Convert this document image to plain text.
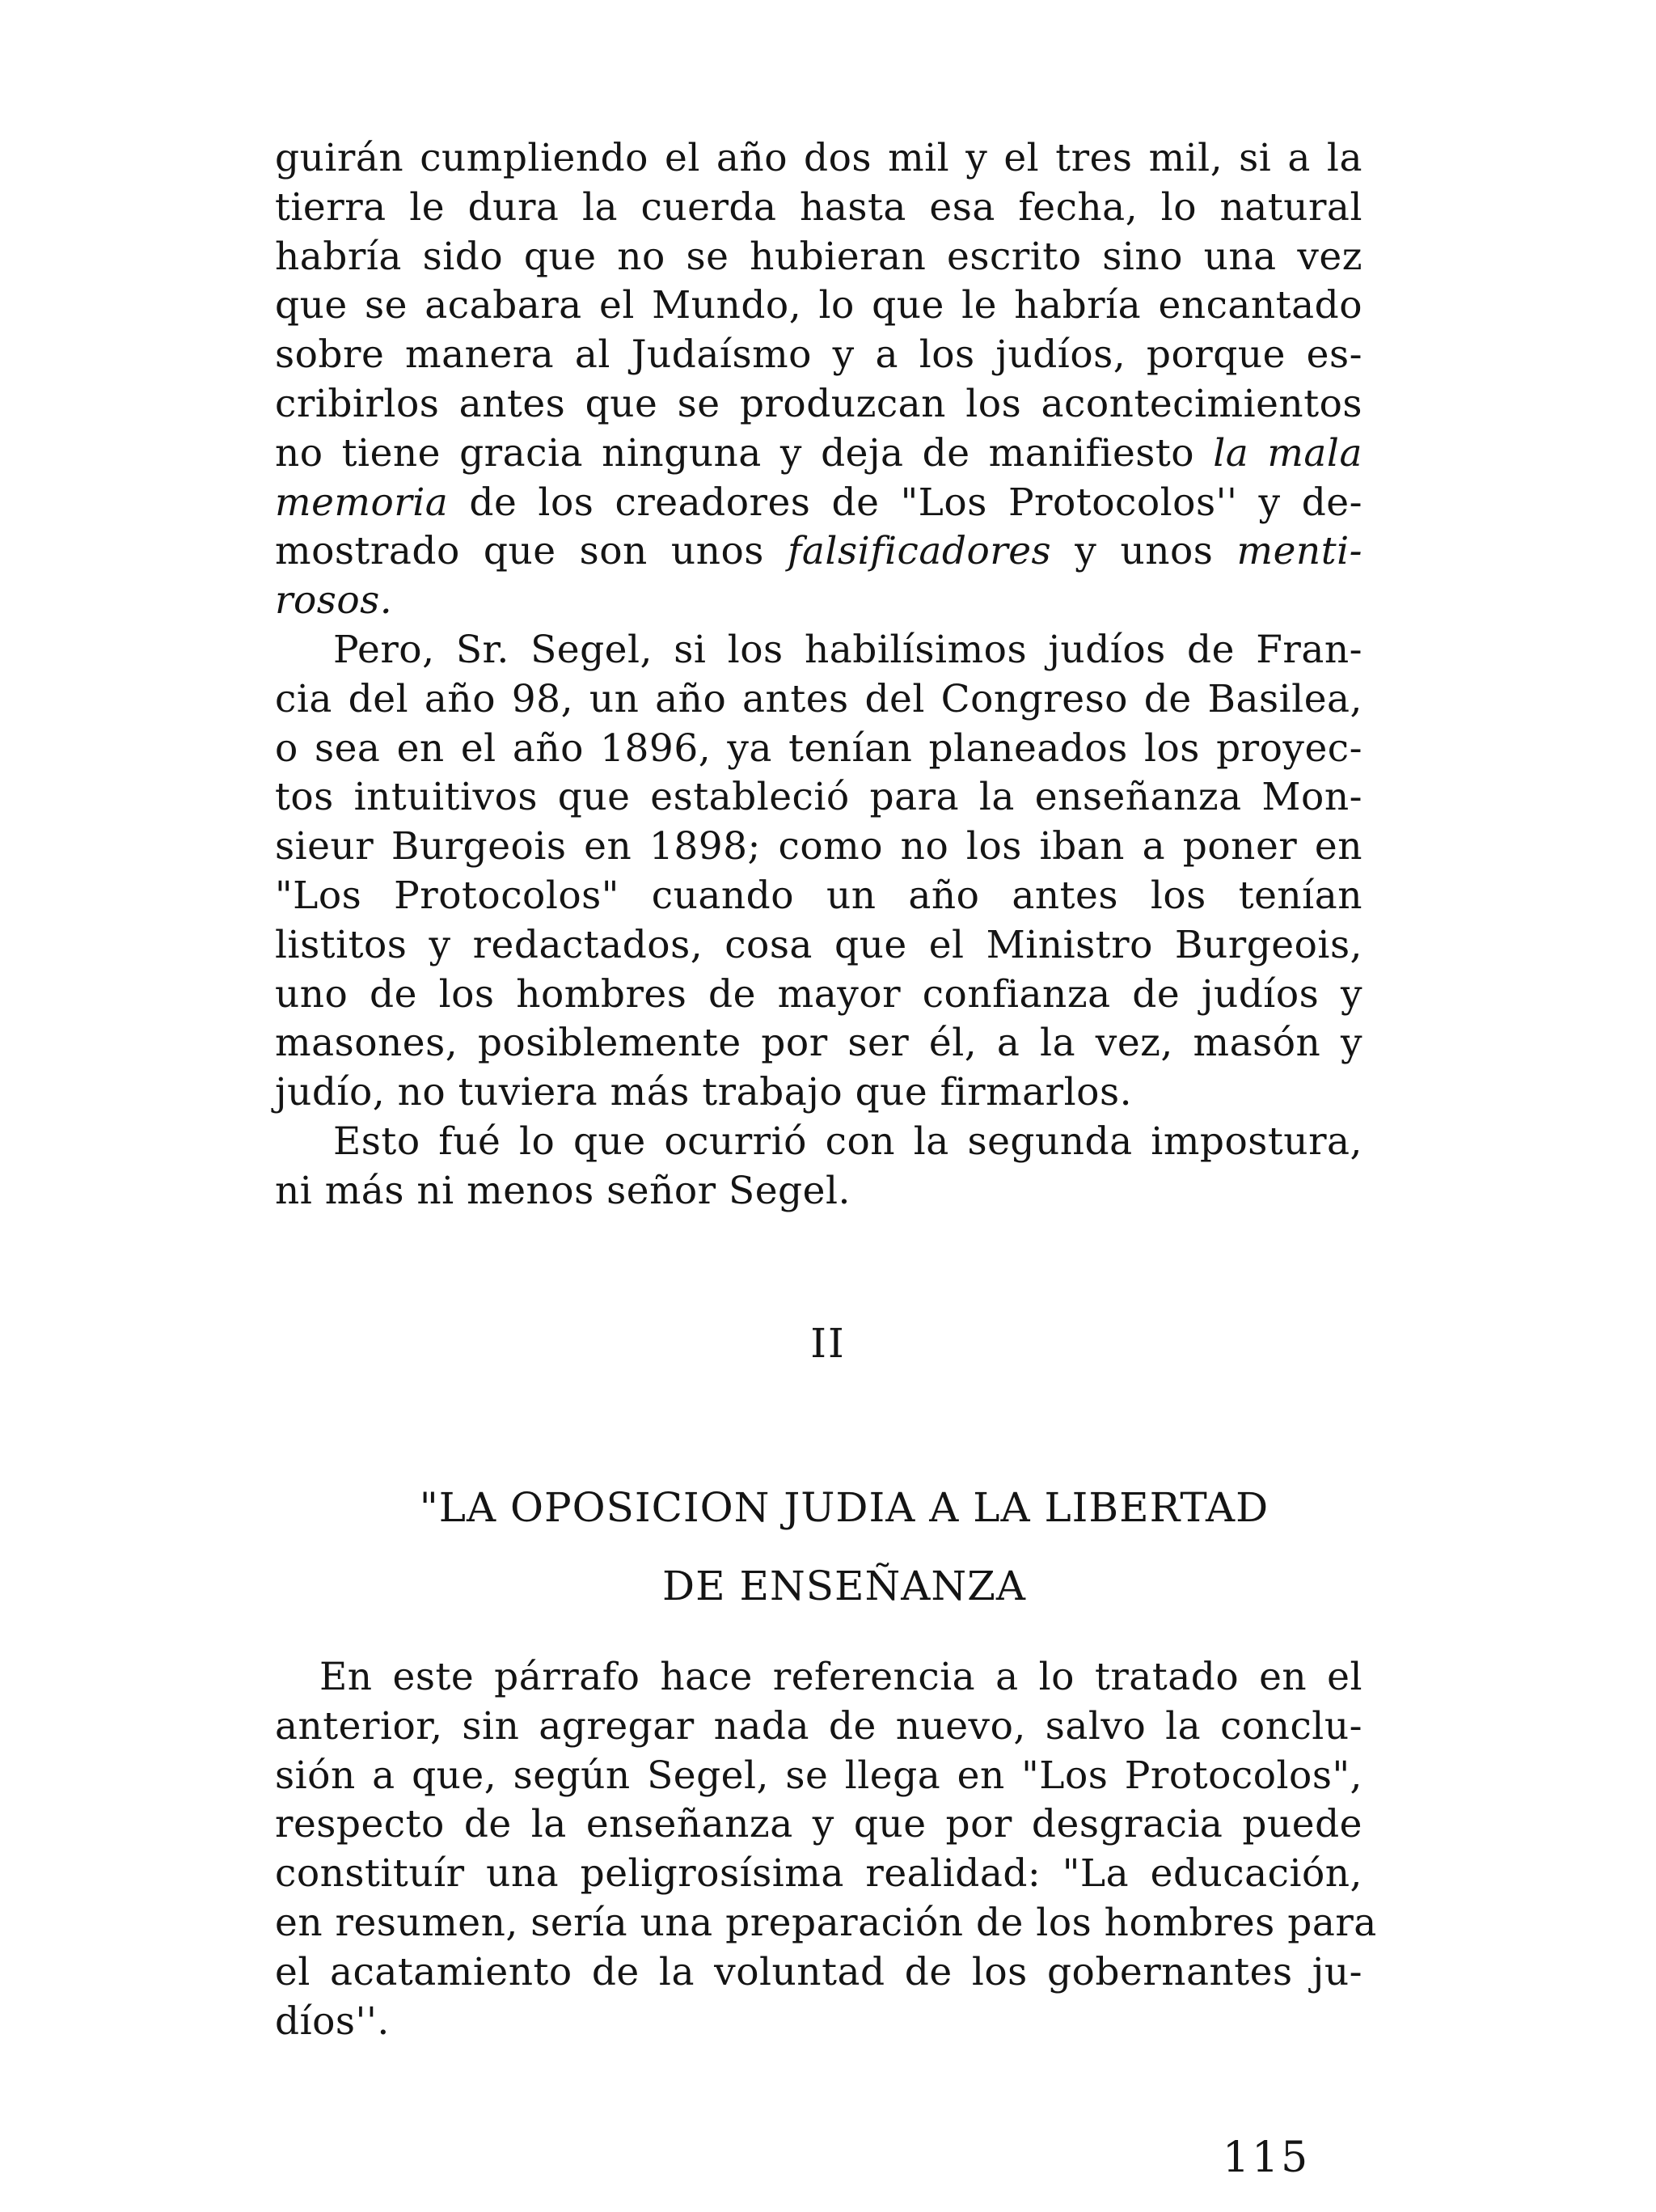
guirán cumpliendo el año dos mil y el tres mil, si a la
tierra le dura la cuerda hasta esa fecha, lo natural
habría sido que no se hubieran escrito sino una vez
que se acabara el Mundo, lo que le habría encantado
sobre manera al Judaísmo y a los judíos, porque es-
cribirlos antes que se produzcan los acontecimientos
no tiene gracia ninguna y deja de manifiesto la mala
memoria de los creadores de "Los Protocolos'' y de-
mostrado que son unos falsificadores y unos menti-
rosos.
Pero, Sr. Segel, si los habilísimos judíos de Fran-
cia del año 98, un año antes del Congreso de Basilea,
o sea en el año 1896, ya tenían planeados los proyec-
tos intuitivos que estableció para la enseñanza Mon-
sieur Burgeois en 1898; como no los iban a poner en
"Los Protocolos" cuando un año antes los tenían
listitos y redactados, cosa que el Ministro Burgeois,
uno de los hombres de mayor confianza de judíos y
masones, posiblemente por ser él, a la vez, masón y
judío, no tuviera más trabajo que firmarlos.
Esto fué lo que ocurrió con la segunda impostura,
ni más ni menos señor Segel.
II
"LA OPOSICION JUDIA A LA LIBERTAD
DE ENSEÑANZA
En este párrafo hace referencia a lo tratado en el
anterior, sin agregar nada de nuevo, salvo la conclu-
sión a que, según Segel, se llega en "Los Protocolos",
respecto de la enseñanza y que por desgracia puede
constituír una peligrosísima realidad: "La educación,
en resumen, sería una preparación de los hombres para
el acatamiento de la voluntad de los gobernantes ju-
díos''.
115
